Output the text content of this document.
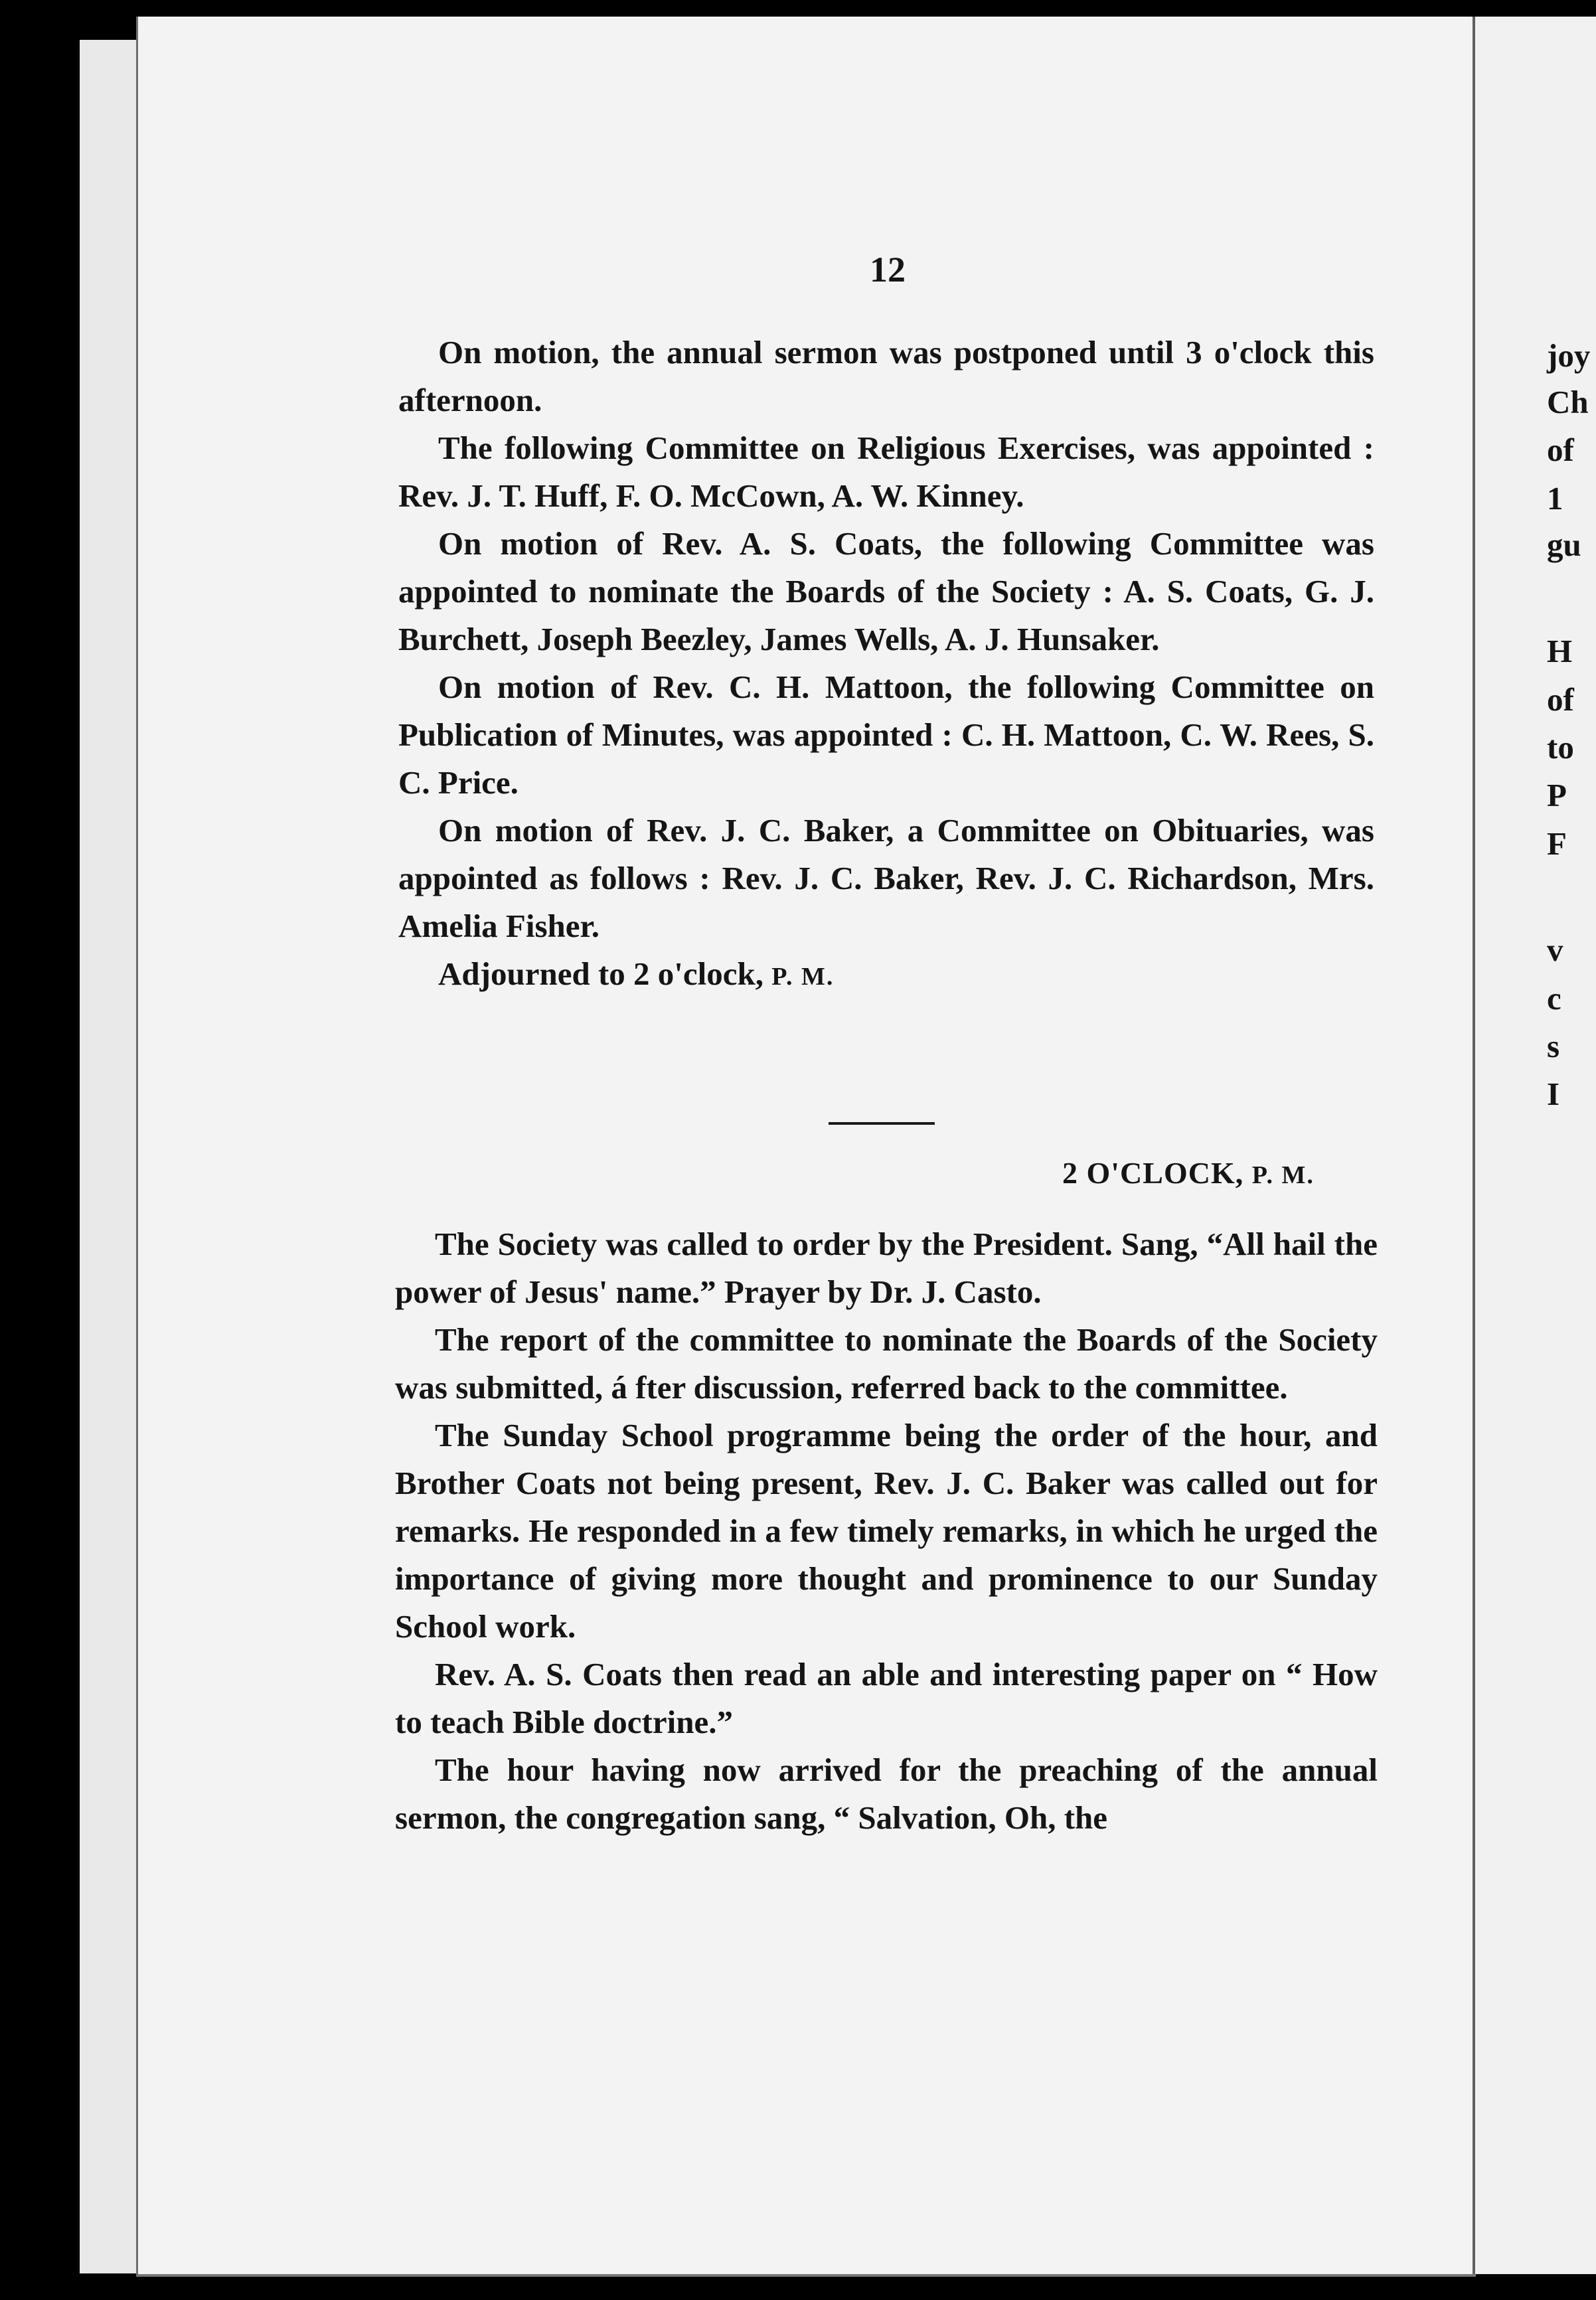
12

On motion, the annual sermon was postponed until 3 o'clock this afternoon.

The following Committee on Religious Exercises, was appointed : Rev. J. T. Huff, F. O. McCown, A. W. Kinney.

On motion of Rev. A. S. Coats, the following Committee was appointed to nominate the Boards of the Society : A. S. Coats, G. J. Burchett, Joseph Beezley, James Wells, A. J. Hunsaker.

On motion of Rev. C. H. Mattoon, the following Committee on Publication of Minutes, was appointed : C. H. Mattoon, C. W. Rees, S. C. Price.

On motion of Rev. J. C. Baker, a Committee on Obituaries, was appointed as follows : Rev. J. C. Baker, Rev. J. C. Richardson, Mrs. Amelia Fisher.

Adjourned to 2 o'clock, P. M.

2 O'CLOCK, P. M.

The Society was called to order by the President. Sang, “All hail the power of Jesus' name.” Prayer by Dr. J. Casto.

The report of the committee to nominate the Boards of the Society was submitted, á fter discussion, referred back to the committee.

The Sunday School programme being the order of the hour, and Brother Coats not being present, Rev. J. C. Baker was called out for remarks. He responded in a few timely remarks, in which he urged the importance of giving more thought and prominence to our Sunday School work.

Rev. A. S. Coats then read an able and interesting paper on “ How to teach Bible doctrine.”

The hour having now arrived for the preaching of the annual sermon, the congregation sang, “ Salvation, Oh, the

joy
Ch
of
1
gu
H
of
to
P
F
v
c
s
I
